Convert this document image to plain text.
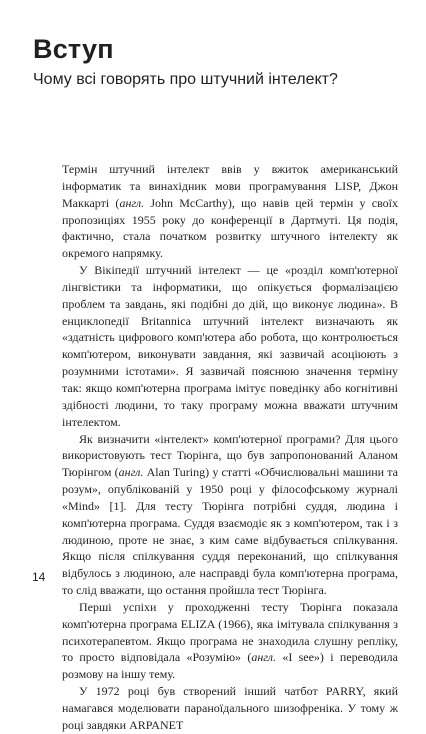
Вступ
Чому всі говорять про штучний інтелект?

Термін штучний інтелект ввів у вжиток американський інформатик та винахідник мови програмування LISP, Джон Маккарті (англ. John McCarthy), що навів цей термін у своїх пропозиціях 1955 року до конференції в Дартмуті. Ця подія, фактично, стала початком розвитку штучного інтелекту як окремого напрямку.

У Вікіпедії штучний інтелект — це «розділ комп'ютерної лінгвістики та інформатики, що опікується формалізацією проблем та завдань, які подібні до дій, що виконує людина». В енциклопедії Britannica штучний інтелект визначають як «здатність цифрового комп'ютера або робота, що контролюється комп'ютером, виконувати завдання, які зазвичай асоціюють з розумними істотами». Я зазвичай пояснюю значення терміну так: якщо комп'ютерна програма імітує поведінку або когнітивні здібності людини, то таку програму можна вважати штучним інтелектом.

Як визначити «інтелект» комп'ютерної програми? Для цього використовують тест Тюрінга, що був запропонований Аланом Тюрінгом (англ. Alan Turing) у статті «Обчислювальні машини та розум», опублікованій у 1950 році у філософському журналі «Mind» [1]. Для тесту Тюрінга потрібні суддя, людина і комп'ютерна програма. Суддя взаємодіє як з комп'ютером, так і з людиною, проте не знає, з ким саме відбувається спілкування. Якщо після спілкування суддя переконаний, що спілкування відбулось з людиною, але насправді була комп'ютерна програма, то слід вважати, що остання пройшла тест Тюрінга.

Перші успіхи у проходженні тесту Тюрінга показала комп'ютерна програма ELIZA (1966), яка імітувала спілкування з психотерапевтом. Якщо програма не знаходила слушну репліку, то просто відповідала «Розумію» (англ. «I see») і переводила розмову на іншу тему.

У 1972 році був створений інший чатбот PARRY, який намагався моделювати параноїдального шизофреніка. У тому ж році завдяки ARPANET

14
